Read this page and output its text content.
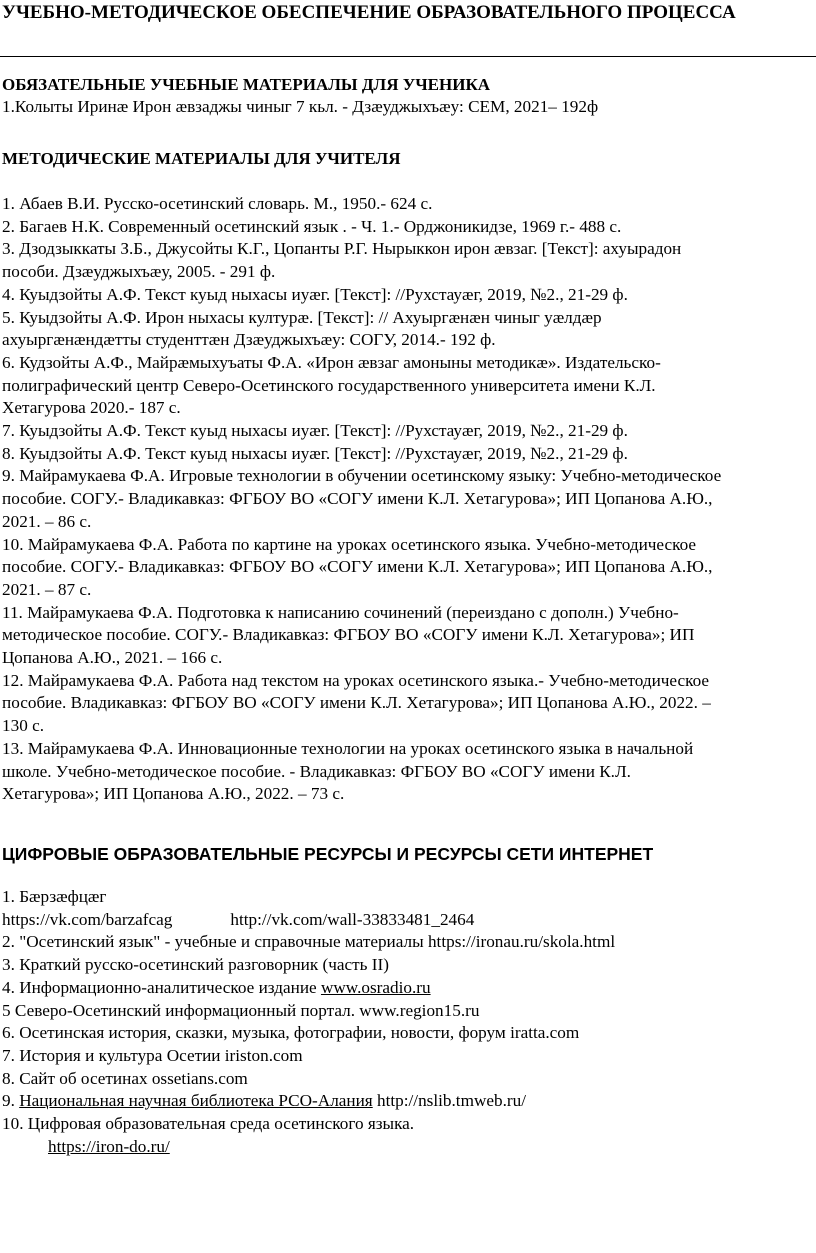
УЧЕБНО-МЕТОДИЧЕСКОЕ ОБЕСПЕЧЕНИЕ ОБРАЗОВАТЕЛЬНОГО ПРОЦЕССА
ОБЯЗАТЕЛЬНЫЕ УЧЕБНЫЕ МАТЕРИАЛЫ ДЛЯ УЧЕНИКА
1.Колыты Иринæ Ирон æвзаджы чиныг 7 кьл. - Дзæуджыхъæу: СЕМ, 2021– 192ф
МЕТОДИЧЕСКИЕ МАТЕРИАЛЫ ДЛЯ УЧИТЕЛЯ
1. Абаев В.И. Русско-осетинский словарь. М., 1950.- 624 с.
2. Багаев Н.К. Современный осетинский язык . - Ч. 1.- Орджоникидзе, 1969 г.- 488 с.
3. Дзодзыккаты З.Б., Джусойты К.Г., Цопанты Р.Г. Нырыккон ирон æвзаг. [Текст]: ахуырадон
пособи. Дзæуджыхъæу, 2005. - 291 ф.
4. Куыдзойты А.Ф. Текст куыд ныхасы иуæг. [Текст]: //Рухстауæг, 2019, №2., 21-29 ф.
5. Куыдзойты А.Ф. Ирон ныхасы културæ. [Текст]: // Ахуыргæнæн чиныг уæлдæр
ахуыргæнæндæтты студенттæн Дзæуджыхъæу: СОГУ, 2014.- 192 ф.
6. Кудзойты А.Ф., Майрæмыхуъаты Ф.А. «Ирон æвзаг амоныны методикæ». Издательско-
полиграфический центр Северо-Осетинского государственного университета имени К.Л.
Хетагурова 2020.- 187 с.
7. Куыдзойты А.Ф. Текст куыд ныхасы иуæг. [Текст]: //Рухстауæг, 2019, №2., 21-29 ф.
8. Куыдзойты А.Ф. Текст куыд ныхасы иуæг. [Текст]: //Рухстауæг, 2019, №2., 21-29 ф.
9. Майрамукаева Ф.А. Игровые технологии в обучении осетинскому языку: Учебно-методическое
пособие. СОГУ.- Владикавказ: ФГБОУ ВО «СОГУ имени К.Л. Хетагурова»; ИП Цопанова А.Ю.,
2021. – 86 с.
10. Майрамукаева Ф.А. Работа по картине на уроках осетинского языка. Учебно-методическое
пособие. СОГУ.- Владикавказ: ФГБОУ ВО «СОГУ имени К.Л. Хетагурова»; ИП Цопанова А.Ю.,
2021. – 87 с.
11. Майрамукаева Ф.А. Подготовка к написанию сочинений (переиздано с дополн.) Учебно-
методическое пособие. СОГУ.- Владикавказ: ФГБОУ ВО «СОГУ имени К.Л. Хетагурова»; ИП
Цопанова А.Ю., 2021. – 166 с.
12. Майрамукаева Ф.А. Работа над текстом на уроках осетинского языка.- Учебно-методическое
пособие. Владикавказ: ФГБОУ ВО «СОГУ имени К.Л. Хетагурова»; ИП Цопанова А.Ю., 2022. –
130 с.
13. Майрамукаева Ф.А. Инновационные технологии на уроках осетинского языка в начальной
школе. Учебно-методическое пособие. - Владикавказ: ФГБОУ ВО «СОГУ имени К.Л.
Хетагурова»; ИП Цопанова А.Ю., 2022. – 73 с.
ЦИФРОВЫЕ ОБРАЗОВАТЕЛЬНЫЕ РЕСУРСЫ И РЕСУРСЫ СЕТИ ИНТЕРНЕТ
1. Бæрзæфцæг
https://vk.com/barzafcag	http://vk.com/wall-33833481_2464
2. "Осетинский язык" - учебные и справочные материалы https://ironau.ru/skola.html
3. Краткий русско-осетинский разговорник (часть II)
4. Информационно-аналитическое издание www.osradio.ru
5 Северо-Осетинский информационный портал. www.region15.ru
6. Осетинская история, сказки, музыка, фотографии, новости, форум iratta.com
7. История и культура Осетии iriston.com
8. Сайт об осетинах ossetians.com
9. Национальная научная библиотека РСО-Алания http://nslib.tmweb.ru/
10. Цифровая образовательная среда осетинского языка.
https://iron-do.ru/
